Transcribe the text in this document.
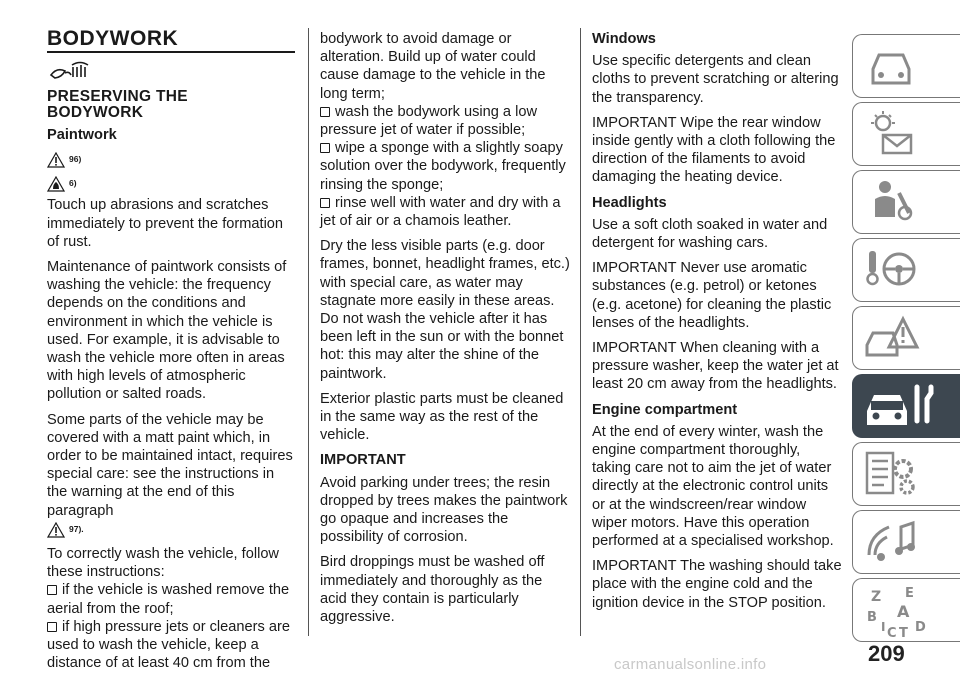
BODYWORK
PRESERVING THE
BODYWORK
Paintwork
96)
6)

Touch up abrasions and scratches immediately to prevent the formation of rust.

Maintenance of paintwork consists of washing the vehicle: the frequency depends on the conditions and environment in which the vehicle is used. For example, it is advisable to wash the vehicle more often in areas with high levels of atmospheric pollution or salted roads.

Some parts of the vehicle may be covered with a matt paint which, in order to be maintained intact, requires special care: see the instructions in the warning at the end of this paragraph

97).

To correctly wash the vehicle, follow these instructions:

if the vehicle is washed remove the aerial from the roof;
if high pressure jets or cleaners are used to wash the vehicle, keep a distance of at least 40 cm from the

bodywork to avoid damage or alteration. Build up of water could cause damage to the vehicle in the long term;

wash the bodywork using a low pressure jet of water if possible;
wipe a sponge with a slightly soapy solution over the bodywork, frequently rinsing the sponge;
rinse well with water and dry with a jet of air or a chamois leather.

Dry the less visible parts (e.g. door frames, bonnet, headlight frames, etc.) with special care, as water may stagnate more easily in these areas. Do not wash the vehicle after it has been left in the sun or with the bonnet hot: this may alter the shine of the paintwork.

Exterior plastic parts must be cleaned in the same way as the rest of the vehicle.

IMPORTANT

Avoid parking under trees; the resin dropped by trees makes the paintwork go opaque and increases the possibility of corrosion.

Bird droppings must be washed off immediately and thoroughly as the acid they contain is particularly aggressive.

Windows

Use specific detergents and clean cloths to prevent scratching or altering the transparency.

IMPORTANT Wipe the rear window inside gently with a cloth following the direction of the filaments to avoid damaging the heating device.

Headlights

Use a soft cloth soaked in water and detergent for washing cars.

IMPORTANT Never use aromatic substances (e.g. petrol) or ketones (e.g. acetone) for cleaning the plastic lenses of the headlights.

IMPORTANT When cleaning with a pressure washer, keep the water jet at least 20 cm away from the headlights.

Engine compartment

At the end of every winter, wash the engine compartment thoroughly, taking care not to aim the jet of water directly at the electronic control units or at the windscreen/rear window wiper motors. Have this operation performed at a specialised workshop.

IMPORTANT The washing should take place with the engine cold and the ignition device in the STOP position.	Z E
B A
I C T D
209
carmanualsonline.info
